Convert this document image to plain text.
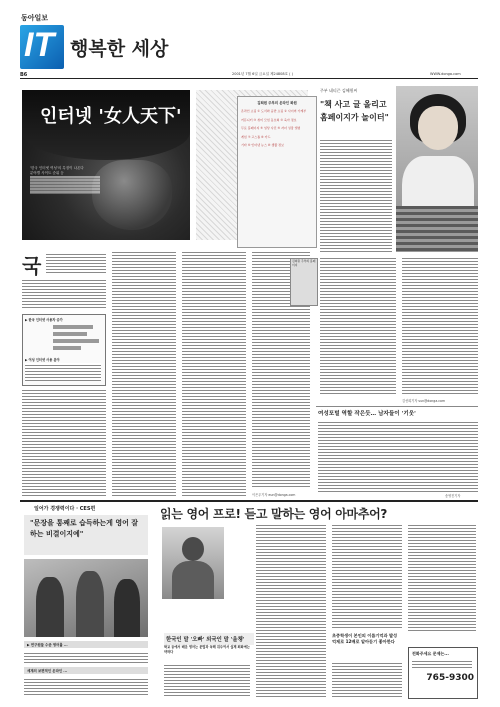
동아일보
IT 행복한 세상
B6	2001년 7월 6일 금요일 제24808호 ( )	WWW.donga.com
인터넷 '女人天下'
'한국 인터넷 여성'의 특징이 나온다
분야별 사이트 순위 등
국
▶ 한국 인터넷 사용자 증가
▶ 여성 인터넷 사용 분야
이은우기자 eun@donga.com
주부 네티즌 김혜원씨
"책 사고 글 올리고 홈페이지가 놀이터"
김희원 주부의 온라인 화원
온라인 쇼핑 ① 도서와 음반 쇼핑 ② 사이버 가계부
커뮤니티 ③ 취미 모임 동호회 ④ 육아 정보
무료 홈페이지 ⑤ 일상 사진 ⑥ 자녀 성장 앨범
게임 ⑦ 고스톱 ⑧ 카드
기타 ⑨ 인터넷 뉴스 ⑩ 생활 정보
김희원 주부의 홈페이지
김선희기자 sun@donga.com
여성포털 역할 작은듯… 남자들이 '기웃'
송영진기자
일어가 경쟁력이다 · CES편
"문장을 통째로 습득하는게 영어 잘하는 비결이지예"
▶ 연구원들 수준 영어를 ...
세계의 보편적인 온라인 ...
읽는 영어 프로! 듣고 말하는 영어 아마추어?
한국인 말 '오빠' 외국인 말 '올챙'
학교 등에서 배운 영어는 문법과 독해 위주여서 실제 회화에는 약하다
초중학생이 본인의 이름기억과 발성 억제로 12배로 알아듣기 좋아한다
전화주세요 문제는...
765-9300
